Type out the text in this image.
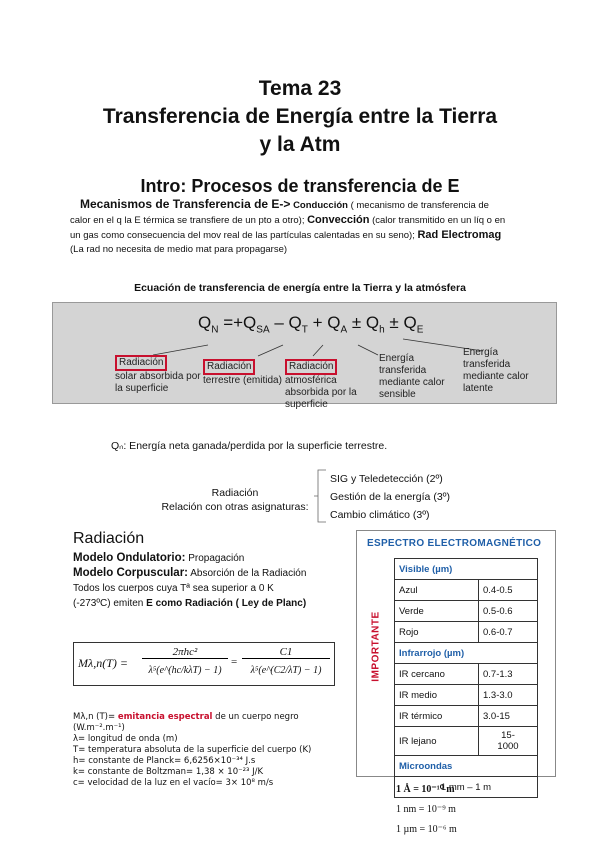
Tema 23
Transferencia de Energía entre la Tierra
y la Atm
Intro: Procesos de transferencia de E
Mecanismos de Transferencia de E-> Conducción ( mecanismo de transferencia de calor en el q la E térmica se transfiere de un pto a otro); Convección (calor transmitido en un líq o en un gas como consecuencia del mov real de las partículas calentadas en su seno); Rad Electromag (La rad no necesita de medio mat para propagarse)
Ecuación de transferencia de energía entre la Tierra y la atmósfera
$Q_N =+Q_{SA} - Q_T + Q_A \pm Q_h \pm Q_E$
Radiación
solar absorbida por la superficie
Radiación
terrestre (emitida)
Radiación
atmosférica absorbida por la superficie
Energía transferida mediante calor sensible
Energía transferida mediante calor latente
Qₙ: Energía neta ganada/perdida por la superficie terrestre.
Radiación
Relación con otras asignaturas:
SIG y Teledetección (2º)
Gestión de la energía (3º)
Cambio climático (3º)
Radiación
Modelo Ondulatorio: Propagación
Modelo Corpuscular: Absorción de la Radiación
Todos los cuerpos cuya Tª sea superior a 0 K
(-273ºC) emiten E como Radiación ( Ley de Planc)
Mλ,n(T) =
2πhc²
λ⁵(e^(hc/kλT) − 1)
=
C1
λ⁵(e^(C2/λT) − 1)
Mλ,n (T)= emitancia espectral de un cuerpo negro (W.m⁻².m⁻¹)
λ= longitud de onda (m)
T= temperatura absoluta de la superficie del cuerpo (K)
h= constante de Planck= 6,6256×10⁻³⁴ J.s
k= constante de Boltzman= 1,38 × 10⁻²³ J/K
c= velocidad de la luz en el vacío= 3× 10⁸ m/s
ESPECTRO ELECTROMAGNÉTICO
IMPORTANTE
Visible (µm)	
Azul	0.4-0.5
Verde	0.5-0.6
Rojo	0.6-0.7
Infrarrojo (µm)	
IR cercano	0.7-1.3
IR medio	1.3-3.0
IR térmico	3.0-15
IR lejano	15-
1000
Microondas	
1 mm – 1 m	
1 Å = 10⁻¹⁰ m
1 nm = 10⁻⁹ m
1 µm = 10⁻⁶ m
